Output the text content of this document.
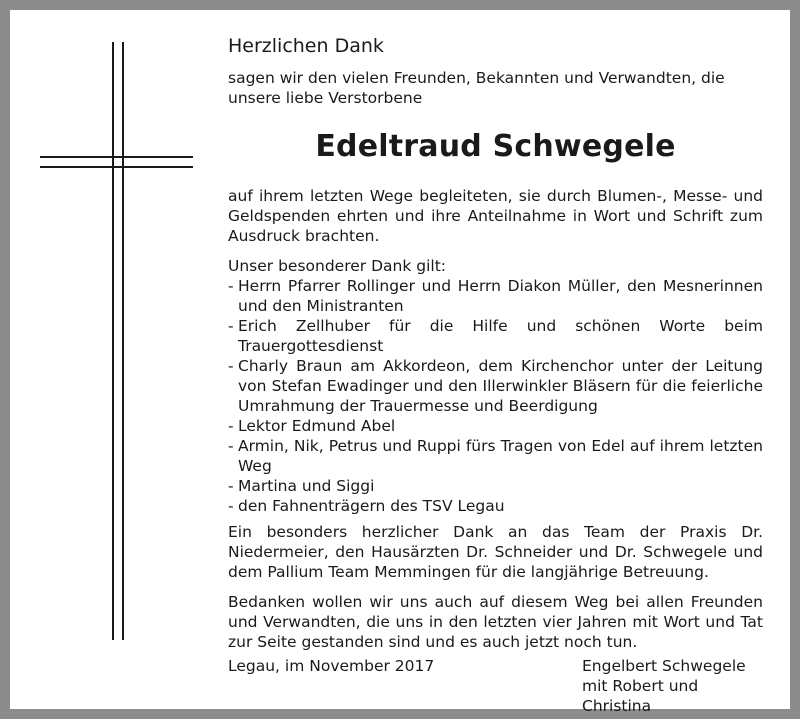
Herzlichen Dank

sagen wir den vielen Freunden, Bekannten und Verwandten, die unsere liebe Verstorbene

Edeltraud Schwegele

auf ihrem letzten Wege begleiteten, sie durch Blumen-, Messe- und Geldspenden ehrten und ihre Anteilnahme in Wort und Schrift zum Ausdruck brachten.

Unser besonderer Dank gilt:

- Herrn Pfarrer Rollinger und Herrn Diakon Müller, den Mesnerinnen und den Ministranten
- Erich Zellhuber für die Hilfe und schönen Worte beim Trauergottesdienst
- Charly Braun am Akkordeon, dem Kirchenchor unter der Leitung von Stefan Ewadinger und den Illerwinkler Bläsern für die feierliche Umrahmung der Trauermesse und Beerdigung
- Lektor Edmund Abel
- Armin, Nik, Petrus und Ruppi fürs Tragen von Edel auf ihrem letzten Weg
- Martina und Siggi
- den Fahnenträgern des TSV Legau

Ein besonders herzlicher Dank an das Team der Praxis Dr. Niedermeier, den Hausärzten Dr. Schneider und Dr. Schwegele und dem Pallium Team Memmingen für die langjährige Betreuung.

Bedanken wollen wir uns auch auf diesem Weg bei allen Freunden und Verwandten, die uns in den letzten vier Jahren mit Wort und Tat zur Seite gestanden sind und es auch jetzt noch tun.

Legau, im November 2017	Engelbert Schwegele
mit Robert und Christina
